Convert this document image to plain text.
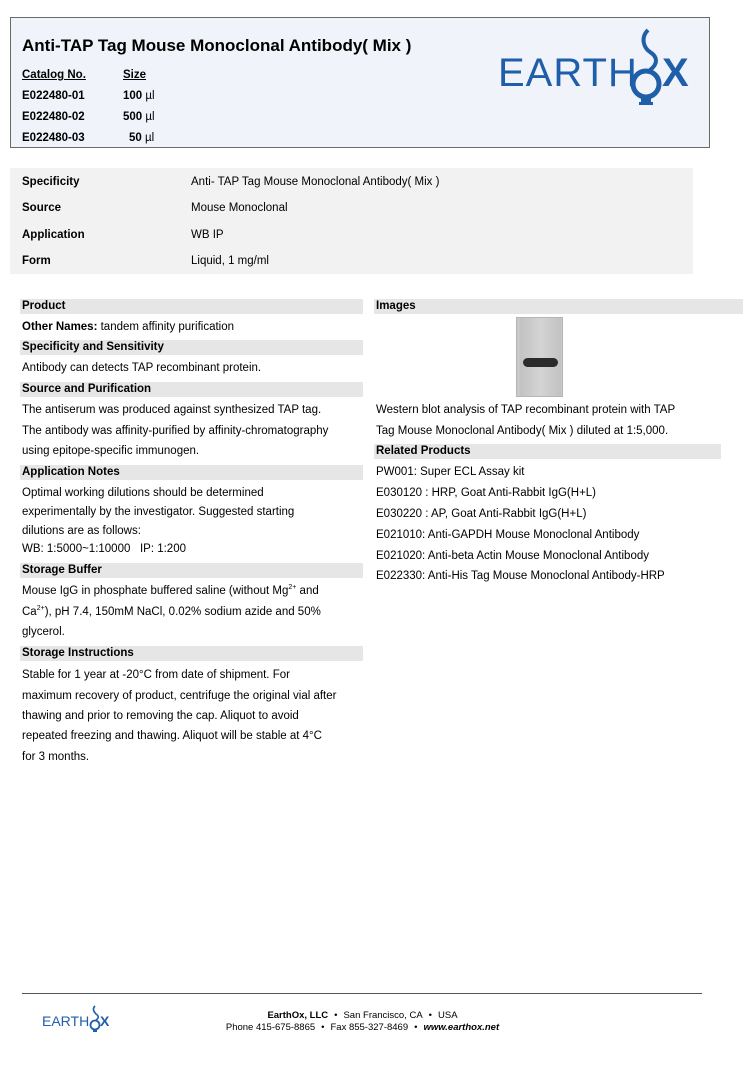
Anti-TAP Tag Mouse Monoclonal Antibody( Mix )
Catalog No.	Size
E022480-01	100 µl
E022480-02	500 µl
E022480-03	50 µl
EARTH X
Specificity	Anti- TAP Tag Mouse Monoclonal Antibody( Mix )
Source	Mouse Monoclonal
Application	WB IP
Form	Liquid, 1 mg/ml
Product
Other Names: tandem affinity purification
Specificity and Sensitivity
Antibody can detects TAP recombinant protein.
Source and Purification
The antiserum was produced against synthesized TAP tag.
The antibody was affinity-purified by affinity-chromatography
using epitope-specific immunogen.
Application Notes
Optimal working dilutions should be determined
experimentally by the investigator. Suggested starting
dilutions are as follows:
WB: 1:5000~1:10000   IP: 1:200
Storage Buffer
Mouse IgG in phosphate buffered saline (without $Mg^{2+}$ and
$Ca^{2+}$), pH 7.4, 150mM NaCl, 0.02% sodium azide and 50%
glycerol.
Storage Instructions
Stable for 1 year at -20°C from date of shipment. For
maximum recovery of product, centrifuge the original vial after
thawing and prior to removing the cap. Aliquot to avoid
repeated freezing and thawing. Aliquot will be stable at 4°C
for 3 months.
Images
Western blot analysis of TAP recombinant protein with TAP
Tag Mouse Monoclonal Antibody( Mix ) diluted at 1:5,000.
Related Products
PW001: Super ECL Assay kit
E030120 : HRP, Goat Anti-Rabbit IgG(H+L)
E030220 : AP, Goat Anti-Rabbit IgG(H+L)
E021010: Anti-GAPDH Mouse Monoclonal Antibody
E021020: Anti-beta Actin Mouse Monoclonal Antibody
E022330: Anti-His Tag Mouse Monoclonal Antibody-HRP
EARTH X	EarthOx, LLC • San Francisco, CA • USA
Phone 415-675-8865 • Fax 855-327-8469 • www.earthox.net
